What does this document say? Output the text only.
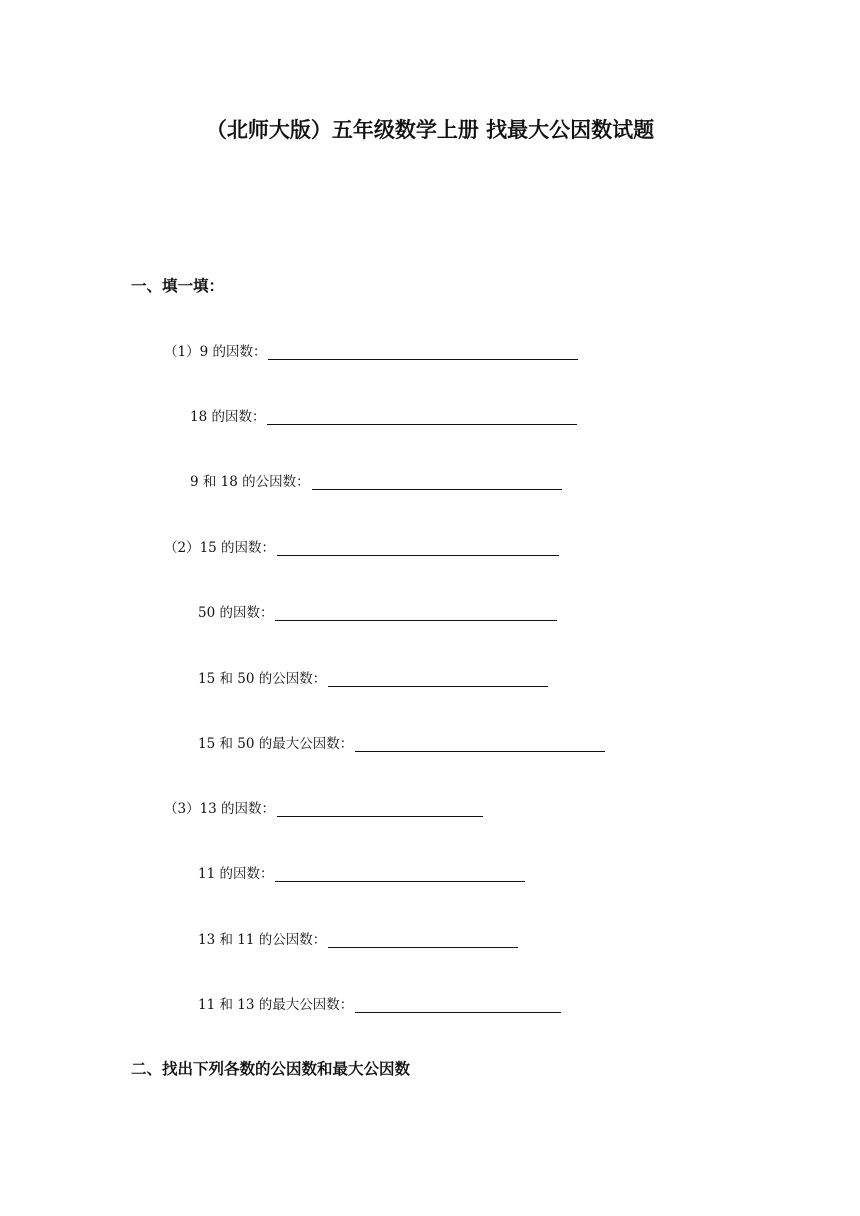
（北师大版）五年级数学上册 找最大公因数试题
一、填一填：
（1）9 的因数：
18 的因数：
9 和 18 的公因数：
（2）15 的因数：
50 的因数：
15 和 50 的公因数：
15 和 50 的最大公因数：
（3）13 的因数：
11 的因数：
13 和 11 的公因数：
11 和 13 的最大公因数：
二、找出下列各数的公因数和最大公因数
